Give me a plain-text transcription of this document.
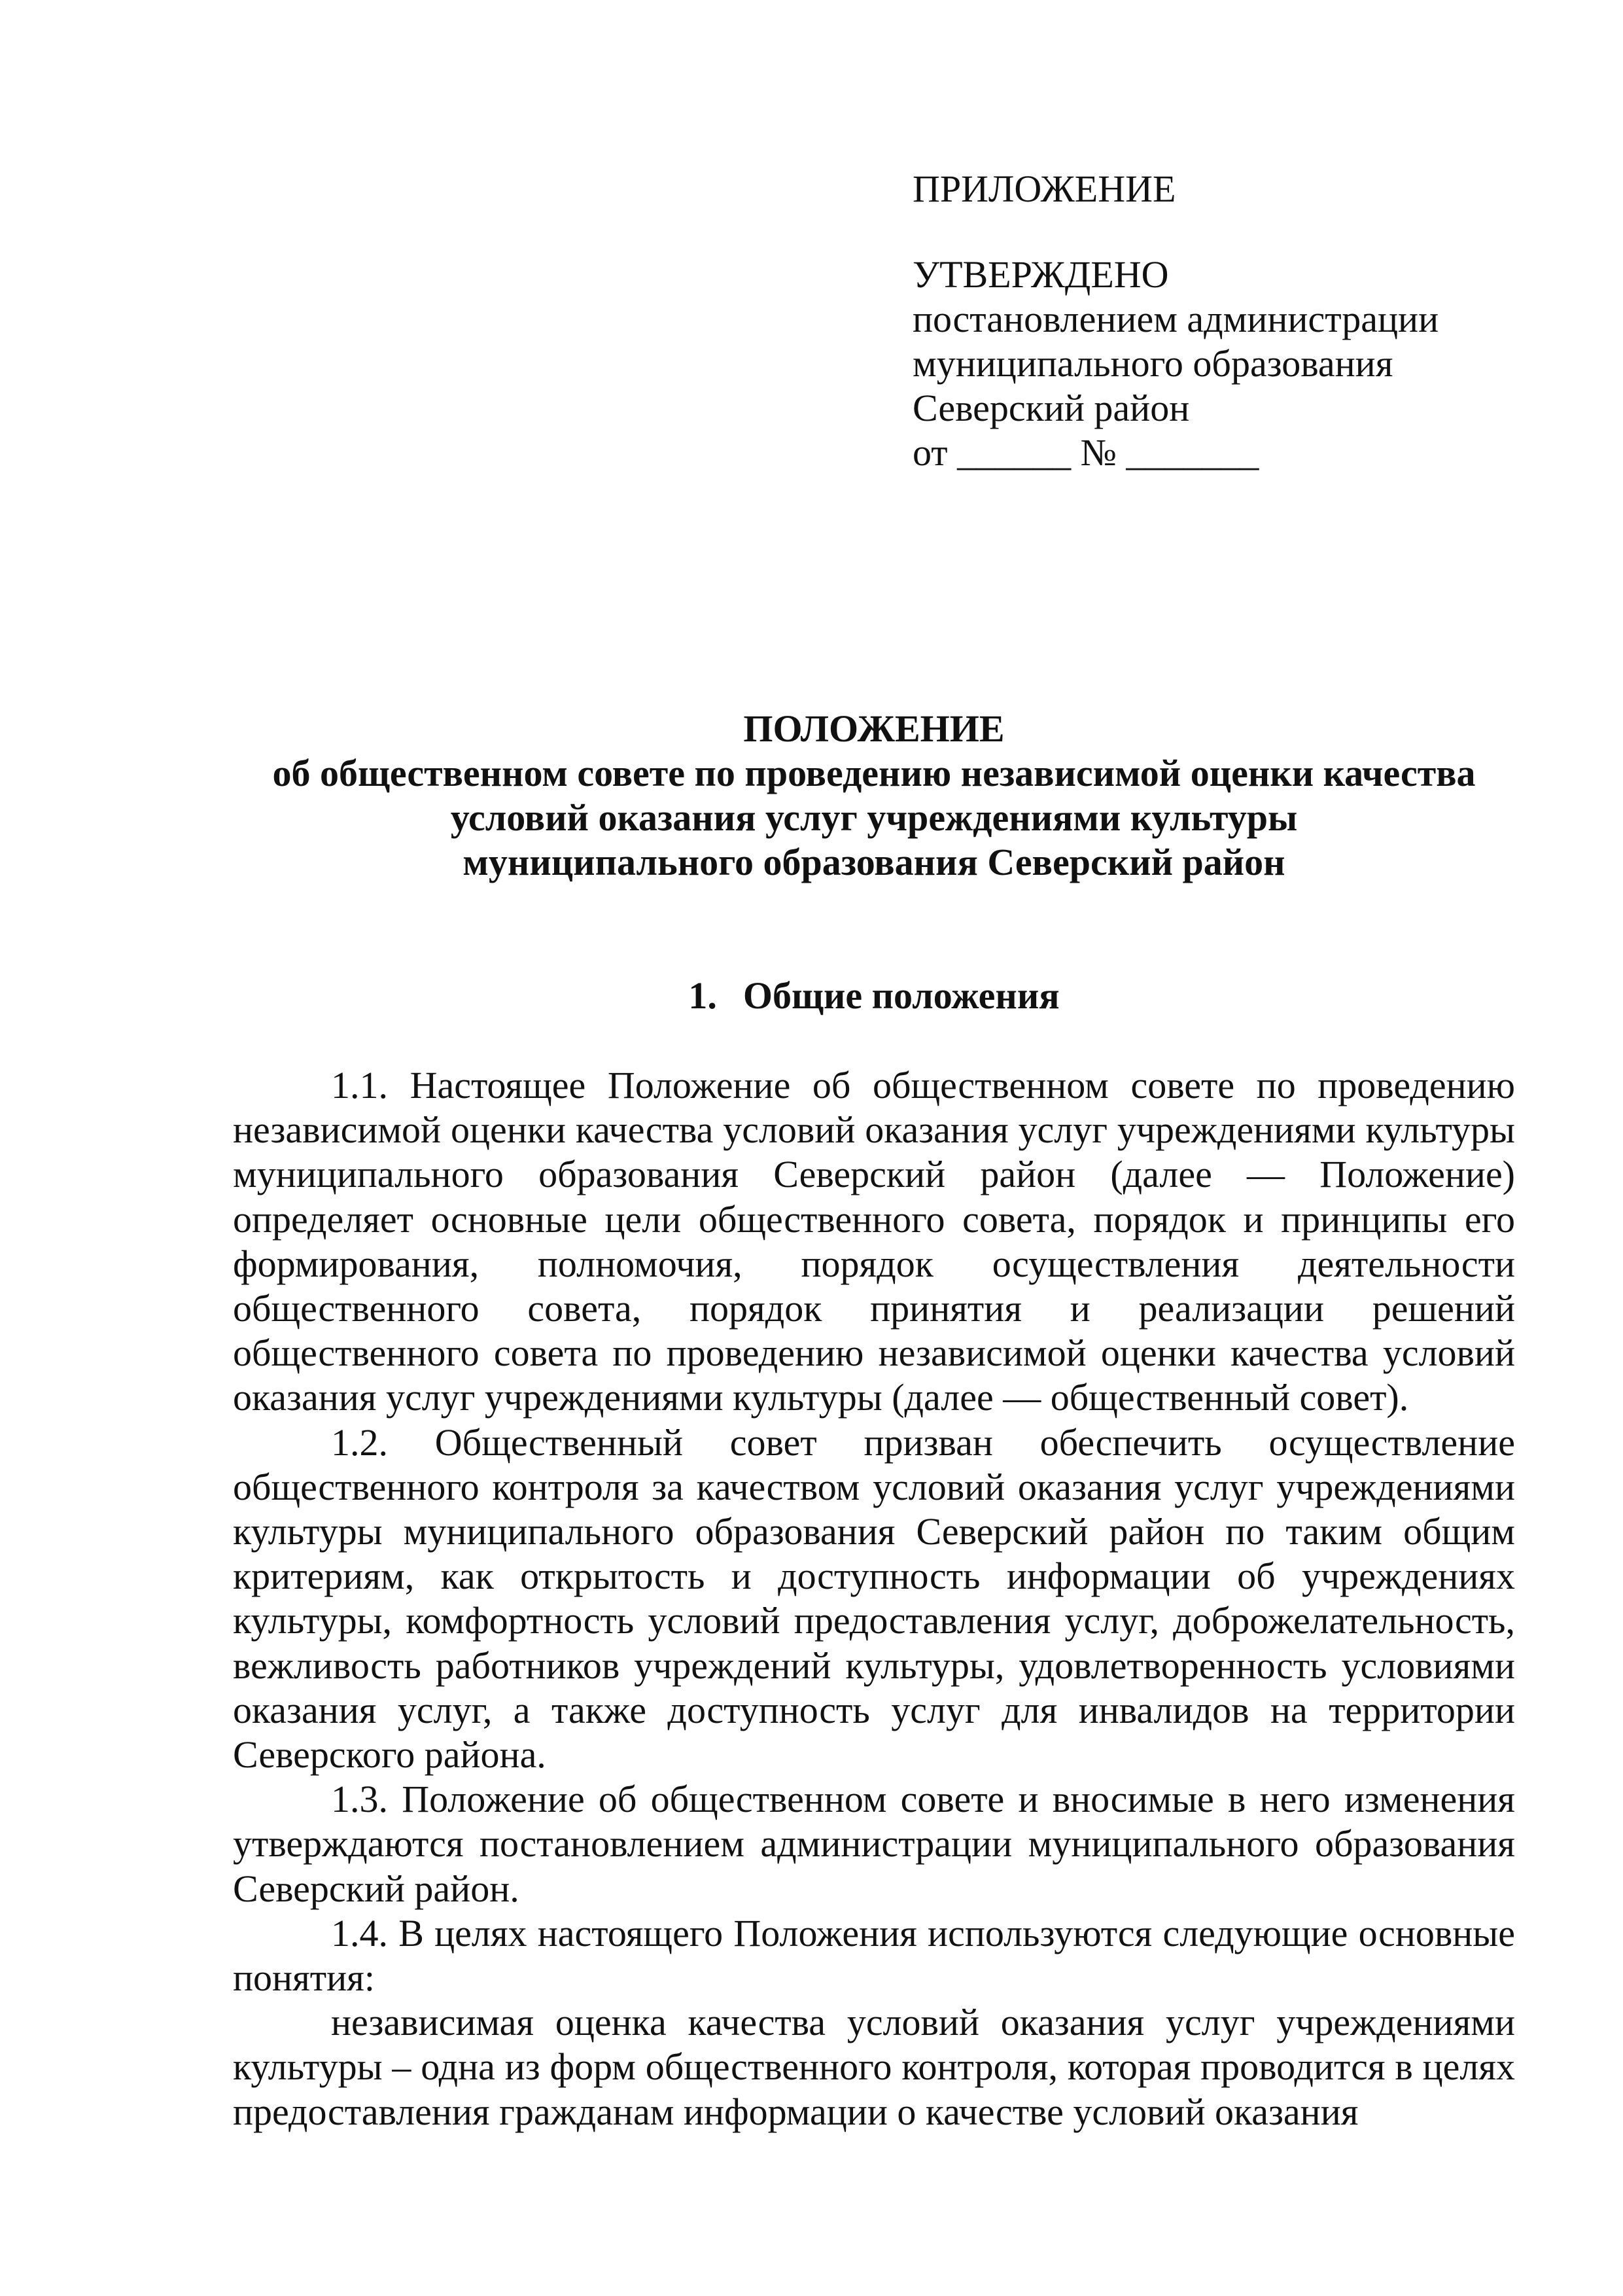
ПРИЛОЖЕНИЕ
УТВЕРЖДЕНО
постановлением администрации
муниципального образования
Северский район
от ______ № _______
ПОЛОЖЕНИЕ
об общественном совете по проведению независимой оценки качества
условий оказания услуг учреждениями культуры
муниципального образования Северский район
1. Общие положения

1.1. Настоящее Положение об общественном совете по проведению независимой оценки качества условий оказания услуг учреждениями культуры муниципального образования Северский район (далее — Положение) определяет основные цели общественного совета, порядок и принципы его формирования, полномочия, порядок осуществления деятельности общественного совета, порядок принятия и реализации решений общественного совета по проведению независимой оценки качества условий оказания услуг учреждениями культуры (далее — общественный совет).

1.2. Общественный совет призван обеспечить осуществление общественного контроля за качеством условий оказания услуг учреждениями культуры муниципального образования Северский район по таким общим критериям, как открытость и доступность информации об учреждениях культуры, комфортность условий предоставления услуг, доброжелательность, вежливость работников учреждений культуры, удовлетворенность условиями оказания услуг, а также доступность услуг для инвалидов на территории Северского района.

1.3. Положение об общественном совете и вносимые в него изменения утверждаются постановлением администрации муниципального образования Северский район.

1.4. В целях настоящего Положения используются следующие основные понятия:

независимая оценка качества условий оказания услуг учреждениями культуры – одна из форм общественного контроля, которая проводится в целях предоставления гражданам информации о качестве условий оказания
